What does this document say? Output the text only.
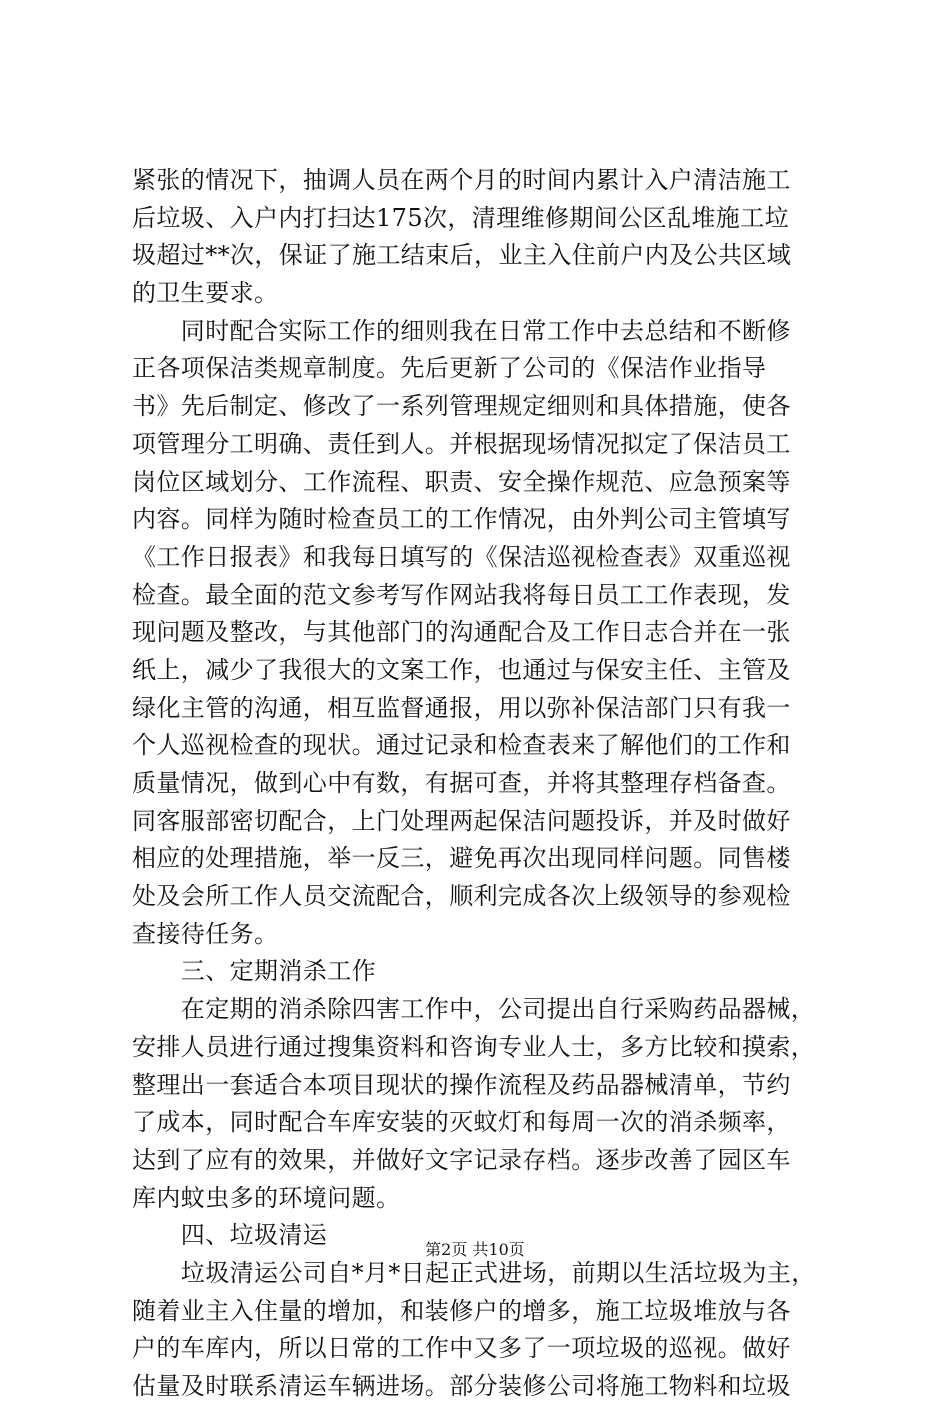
紧张的情况下，抽调人员在两个月的时间内累计入户清洁施工
后垃圾、入户内打扫达175次，清理维修期间公区乱堆施工垃
圾超过**次，保证了施工结束后，业主入住前户内及公共区域
的卫生要求。
　　同时配合实际工作的细则我在日常工作中去总结和不断修
正各项保洁类规章制度。先后更新了公司的《保洁作业指导
书》先后制定、修改了一系列管理规定细则和具体措施，使各
项管理分工明确、责任到人。并根据现场情况拟定了保洁员工
岗位区域划分、工作流程、职责、安全操作规范、应急预案等
内容。同样为随时检查员工的工作情况，由外判公司主管填写
《工作日报表》和我每日填写的《保洁巡视检查表》双重巡视
检查。最全面的范文参考写作网站我将每日员工工作表现，发
现问题及整改，与其他部门的沟通配合及工作日志合并在一张
纸上，减少了我很大的文案工作，也通过与保安主任、主管及
绿化主管的沟通，相互监督通报，用以弥补保洁部门只有我一
个人巡视检查的现状。通过记录和检查表来了解他们的工作和
质量情况，做到心中有数，有据可查，并将其整理存档备查。
同客服部密切配合，上门处理两起保洁问题投诉，并及时做好
相应的处理措施，举一反三，避免再次出现同样问题。同售楼
处及会所工作人员交流配合，顺利完成各次上级领导的参观检
查接待任务。
　　三、定期消杀工作
　　在定期的消杀除四害工作中，公司提出自行采购药品器械，
安排人员进行通过搜集资料和咨询专业人士，多方比较和摸索，
整理出一套适合本项目现状的操作流程及药品器械清单，节约
了成本，同时配合车库安装的灭蚊灯和每周一次的消杀频率，
达到了应有的效果，并做好文字记录存档。逐步改善了园区车
库内蚊虫多的环境问题。
　　四、垃圾清运
　　垃圾清运公司自*月*日起正式进场，前期以生活垃圾为主，
随着业主入住量的增加，和装修户的增多，施工垃圾堆放与各
户的车库内，所以日常的工作中又多了一项垃圾的巡视。做好
估量及时联系清运车辆进场。部分装修公司将施工物料和垃圾
第2页 共10页
